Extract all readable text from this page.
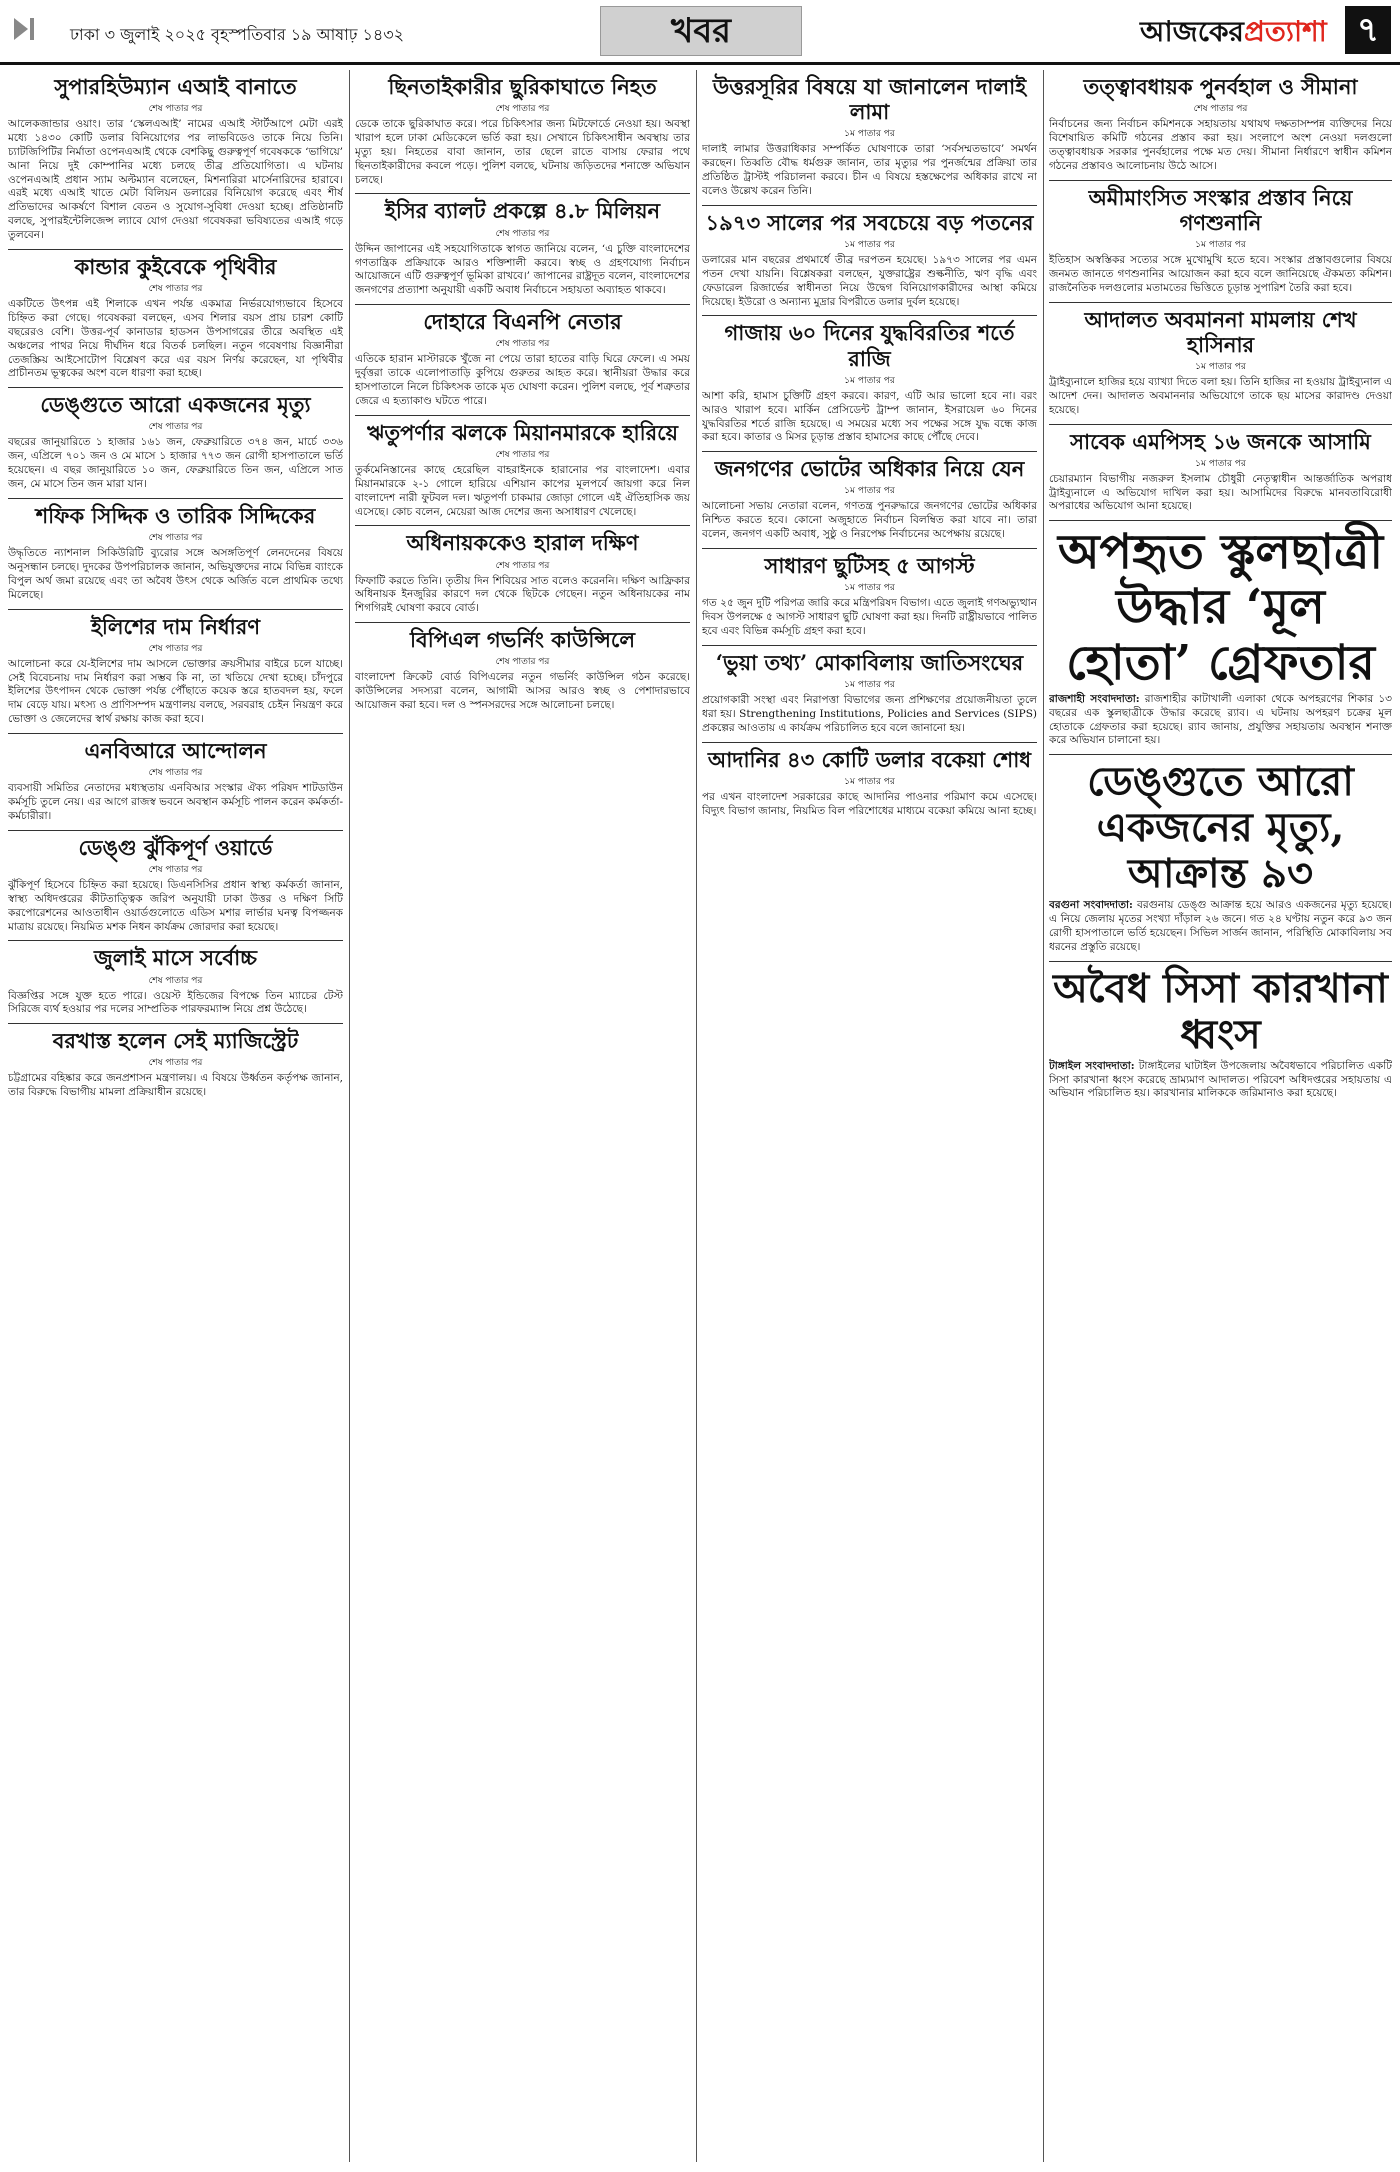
ঢাকা ৩ জুলাই ২০২৫ বৃহস্পতিবার ১৯ আষাঢ় ১৪৩২	খবর	আজকেরপ্রত্যাশা ৭
সুপারহিউম্যান এআই বানাতে
শেষ পাতার পর

আলেকজান্ডার ওয়াং। তার ‘স্কেলএআই’ নামের এআই স্টার্টআপে মেটা এরই মধ্যে ১৪৩০ কোটি ডলার বিনিয়োগের পর লাভবিডেও তাকে নিয়ে তিনি। চ্যাটজিপিটির নির্মাতা ওপেনএআই থেকে বেশকিছু গুরুত্বপূর্ণ গবেষককে ‘ভাগিয়ে’ আনা নিয়ে দুই কোম্পানির মধ্যে চলছে তীব্র প্রতিযোগিতা। এ ঘটনায় ওপেনএআই প্রধান স্যাম অল্টম্যান বলেছেন, মিশনারিরা মার্সেনারিদের হারাবে। এরই মধ্যে এআই খাতে মেটা বিলিয়ন ডলারের বিনিয়োগ করেছে এবং শীর্ষ প্রতিভাদের আকর্ষণে বিশাল বেতন ও সুযোগ-সুবিধা দেওয়া হচ্ছে। প্রতিষ্ঠানটি বলছে, সুপারইন্টেলিজেন্স ল্যাবে যোগ দেওয়া গবেষকরা ভবিষ্যতের এআই গড়ে তুলবেন।

কান্ডার কুইবেকে পৃথিবীর
শেষ পাতার পর

একটিতে উৎপন্ন এই শিলাকে এখন পর্যন্ত একমাত্র নির্ভরযোগ্যভাবে হিসেবে চিহ্নিত করা গেছে। গবেষকরা বলছেন, এসব শিলার বয়স প্রায় চারশ কোটি বছরেরও বেশি। উত্তর-পূর্ব কানাডার হাডসন উপসাগরের তীরে অবস্থিত এই অঞ্চলের পাথর নিয়ে দীর্ঘদিন ধরে বিতর্ক চলছিল। নতুন গবেষণায় বিজ্ঞানীরা তেজস্ক্রিয় আইসোটোপ বিশ্লেষণ করে এর বয়স নির্ণয় করেছেন, যা পৃথিবীর প্রাচীনতম ভূত্বকের অংশ বলে ধারণা করা হচ্ছে।

ডেঙ্গুতে আরো একজনের মৃত্যু
শেষ পাতার পর

বছরের জানুয়ারিতে ১ হাজার ১৬১ জন, ফেব্রুয়ারিতে ৩৭৪ জন, মার্চে ৩৩৬ জন, এপ্রিলে ৭০১ জন ও মে মাসে ১ হাজার ৭৭৩ জন রোগী হাসপাতালে ভর্তি হয়েছেন। এ বছর জানুয়ারিতে ১০ জন, ফেব্রুয়ারিতে তিন জন, এপ্রিলে সাত জন, মে মাসে তিন জন মারা যান।

শফিক সিদ্দিক ও তারিক সিদ্দিকের
শেষ পাতার পর

উদ্ধৃতিতে ন্যাশনাল সিকিউরিটি ব্যুরোর সঙ্গে অসঙ্গতিপূর্ণ লেনদেনের বিষয়ে অনুসন্ধান চলছে। দুদকের উপপরিচালক জানান, অভিযুক্তদের নামে বিভিন্ন ব্যাংকে বিপুল অর্থ জমা রয়েছে এবং তা অবৈধ উৎস থেকে অর্জিত বলে প্রাথমিক তথ্যে মিলেছে।

ইলিশের দাম নির্ধারণ
শেষ পাতার পর

আলোচনা করে যে-ইলিশের দাম আসলে ভোক্তার ক্রয়সীমার বাইরে চলে যাচ্ছে। সেই বিবেচনায় দাম নির্ধারণ করা সম্ভব কি না, তা খতিয়ে দেখা হচ্ছে। চাঁদপুরে ইলিশের উৎপাদন থেকে ভোক্তা পর্যন্ত পৌঁছাতে কয়েক স্তরে হাতবদল হয়, ফলে দাম বেড়ে যায়। মৎস্য ও প্রাণিসম্পদ মন্ত্রণালয় বলছে, সরবরাহ চেইন নিয়ন্ত্রণ করে ভোক্তা ও জেলেদের স্বার্থ রক্ষায় কাজ করা হবে।

এনবিআরে আন্দোলন
শেষ পাতার পর

ব্যবসায়ী সমিতির নেতাদের মধ্যস্থতায় এনবিআর সংস্কার ঐক্য পরিষদ শাটডাউন কর্মসূচি তুলে নেয়। এর আগে রাজস্ব ভবনে অবস্থান কর্মসূচি পালন করেন কর্মকর্তা-কর্মচারীরা।

ডেঙ্গু ঝুঁকিপূর্ণ ওয়ার্ডে
শেষ পাতার পর

ঝুঁকিপূর্ণ হিসেবে চিহ্নিত করা হয়েছে। ডিএনসিসির প্রধান স্বাস্থ্য কর্মকর্তা জানান, স্বাস্থ্য অধিদপ্তরের কীটতাত্ত্বিক জরিপ অনুযায়ী ঢাকা উত্তর ও দক্ষিণ সিটি করপোরেশনের আওতাধীন ওয়ার্ডগুলোতে এডিস মশার লার্ভার ঘনত্ব বিপজ্জনক মাত্রায় রয়েছে। নিয়মিত মশক নিধন কার্যক্রম জোরদার করা হয়েছে।

জুলাই মাসে সর্বোচ্চ
শেষ পাতার পর

বিজ্ঞপ্তির সঙ্গে যুক্ত হতে পারে। ওয়েস্ট ইন্ডিজের বিপক্ষে তিন ম্যাচের টেস্ট সিরিজে ব্যর্থ হওয়ার পর দলের সাম্প্রতিক পারফরম্যান্স নিয়ে প্রশ্ন উঠেছে।

বরখাস্ত হলেন সেই ম্যাজিস্ট্রেট
শেষ পাতার পর

চট্টগ্রামের বহিষ্কার করে জনপ্রশাসন মন্ত্রণালয়। এ বিষয়ে উর্ধ্বতন কর্তৃপক্ষ জানান, তার বিরুদ্ধে বিভাগীয় মামলা প্রক্রিয়াধীন রয়েছে।

ছিনতাইকারীর ছুরিকাঘাতে নিহত
শেষ পাতার পর

ডেকে তাকে ছুরিকাঘাত করে। পরে চিকিৎসার জন্য মিটফোর্ডে নেওয়া হয়। অবস্থা খারাপ হলে ঢাকা মেডিকেলে ভর্তি করা হয়। সেখানে চিকিৎসাধীন অবস্থায় তার মৃত্যু হয়। নিহতের বাবা জানান, তার ছেলে রাতে বাসায় ফেরার পথে ছিনতাইকারীদের কবলে পড়ে। পুলিশ বলছে, ঘটনায় জড়িতদের শনাক্তে অভিযান চলছে।

ইসির ব্যালট প্রকল্পে ৪.৮ মিলিয়ন
শেষ পাতার পর

উদ্দিন জাপানের এই সহযোগিতাকে স্বাগত জানিয়ে বলেন, ‘এ চুক্তি বাংলাদেশের গণতান্ত্রিক প্রক্রিয়াকে আরও শক্তিশালী করবে। স্বচ্ছ ও গ্রহণযোগ্য নির্বাচন আয়োজনে এটি গুরুত্বপূর্ণ ভূমিকা রাখবে।’ জাপানের রাষ্ট্রদূত বলেন, বাংলাদেশের জনগণের প্রত্যাশা অনুযায়ী একটি অবাধ নির্বাচনে সহায়তা অব্যাহত থাকবে।

দোহারে বিএনপি নেতার
শেষ পাতার পর

এতিকে হারান মাস্টারকে খুঁজে না পেয়ে তারা হাতের বাড়ি ঘিরে ফেলে। এ সময় দুর্বৃত্তরা তাকে এলোপাতাড়ি কুপিয়ে গুরুতর আহত করে। স্থানীয়রা উদ্ধার করে হাসপাতালে নিলে চিকিৎসক তাকে মৃত ঘোষণা করেন। পুলিশ বলছে, পূর্ব শত্রুতার জেরে এ হত্যাকাণ্ড ঘটতে পারে।

ঋতুপর্ণার ঝলকে মিয়ানমারকে হারিয়ে
শেষ পাতার পর

তুর্কমেনিস্তানের কাছে হেরেছিল বাহরাইনকে হারানোর পর বাংলাদেশ। এবার মিয়ানমারকে ২-১ গোলে হারিয়ে এশিয়ান কাপের মূলপর্বে জায়গা করে নিল বাংলাদেশ নারী ফুটবল দল। ঋতুপর্ণা চাকমার জোড়া গোলে এই ঐতিহাসিক জয় এসেছে। কোচ বলেন, মেয়েরা আজ দেশের জন্য অসাধারণ খেলেছে।

অধিনায়ককেও হারাল দক্ষিণ
শেষ পাতার পর

ফিফাটি করতে তিনি। তৃতীয় দিন শিবিয়ের সাত বলেও করেননি। দক্ষিণ আফ্রিকার অধিনায়ক ইনজুরির কারণে দল থেকে ছিটকে গেছেন। নতুন অধিনায়কের নাম শিগগিরই ঘোষণা করবে বোর্ড।

বিপিএল গভর্নিং কাউন্সিলে
শেষ পাতার পর

বাংলাদেশ ক্রিকেট বোর্ড বিপিএলের নতুন গভর্নিং কাউন্সিল গঠন করেছে। কাউন্সিলের সদস্যরা বলেন, আগামী আসর আরও স্বচ্ছ ও পেশাদারভাবে আয়োজন করা হবে। দল ও স্পনসরদের সঙ্গে আলোচনা চলছে।

উত্তরসূরির বিষয়ে যা জানালেন দালাই লামা
১ম পাতার পর

দালাই লামার উত্তরাধিকার সম্পর্কিত ঘোষণাকে তারা ‘সর্বসম্মতভাবে’ সমর্থন করছেন। তিব্বতি বৌদ্ধ ধর্মগুরু জানান, তার মৃত্যুর পর পুনর্জন্মের প্রক্রিয়া তার প্রতিষ্ঠিত ট্রাস্টই পরিচালনা করবে। চীন এ বিষয়ে হস্তক্ষেপের অধিকার রাখে না বলেও উল্লেখ করেন তিনি।

১৯৭৩ সালের পর সবচেয়ে বড় পতনের
১ম পাতার পর

ডলারের মান বছরের প্রথমার্ধে তীব্র দরপতন হয়েছে। ১৯৭৩ সালের পর এমন পতন দেখা যায়নি। বিশ্লেষকরা বলছেন, যুক্তরাষ্ট্রের শুল্কনীতি, ঋণ বৃদ্ধি এবং ফেডারেল রিজার্ভের স্বাধীনতা নিয়ে উদ্বেগ বিনিয়োগকারীদের আস্থা কমিয়ে দিয়েছে। ইউরো ও অন্যান্য মুদ্রার বিপরীতে ডলার দুর্বল হয়েছে।

গাজায় ৬০ দিনের যুদ্ধবিরতির শর্তে রাজি
১ম পাতার পর

আশা করি, হামাস চুক্তিটি গ্রহণ করবে। কারণ, এটি আর ভালো হবে না। বরং আরও খারাপ হবে। মার্কিন প্রেসিডেন্ট ট্রাম্প জানান, ইসরায়েল ৬০ দিনের যুদ্ধবিরতির শর্তে রাজি হয়েছে। এ সময়ের মধ্যে সব পক্ষের সঙ্গে যুদ্ধ বন্ধে কাজ করা হবে। কাতার ও মিসর চূড়ান্ত প্রস্তাব হামাসের কাছে পৌঁছে দেবে।

জনগণের ভোটের অধিকার নিয়ে যেন
১ম পাতার পর

আলোচনা সভায় নেতারা বলেন, গণতন্ত্র পুনরুদ্ধারে জনগণের ভোটের অধিকার নিশ্চিত করতে হবে। কোনো অজুহাতে নির্বাচন বিলম্বিত করা যাবে না। তারা বলেন, জনগণ একটি অবাধ, সুষ্ঠু ও নিরপেক্ষ নির্বাচনের অপেক্ষায় রয়েছে।

সাধারণ ছুটিসহ ৫ আগস্ট
১ম পাতার পর

গত ২৫ জুন দুটি পরিপত্র জারি করে মন্ত্রিপরিষদ বিভাগ। এতে জুলাই গণঅভ্যুত্থান দিবস উপলক্ষে ৫ আগস্ট সাধারণ ছুটি ঘোষণা করা হয়। দিনটি রাষ্ট্রীয়ভাবে পালিত হবে এবং বিভিন্ন কর্মসূচি গ্রহণ করা হবে।

‘ভুয়া তথ্য’ মোকাবিলায় জাতিসংঘের
১ম পাতার পর

প্রয়োগকারী সংস্থা এবং নিরাপত্তা বিভাগের জন্য প্রশিক্ষণের প্রয়োজনীয়তা তুলে ধরা হয়। Strengthening Institutions, Policies and Services (SIPS) প্রকল্পের আওতায় এ কার্যক্রম পরিচালিত হবে বলে জানানো হয়।

আদানির ৪৩ কোটি ডলার বকেয়া শোধ
১ম পাতার পর

পর এখন বাংলাদেশ সরকারের কাছে আদানির পাওনার পরিমাণ কমে এসেছে। বিদ্যুৎ বিভাগ জানায়, নিয়মিত বিল পরিশোধের মাধ্যমে বকেয়া কমিয়ে আনা হচ্ছে।

তত্ত্বাবধায়ক পুনর্বহাল ও সীমানা
শেষ পাতার পর

নির্বাচনের জন্য নির্বাচন কমিশনকে সহায়তায় যথাযথ দক্ষতাসম্পন্ন ব্যক্তিদের নিয়ে বিশেষায়িত কমিটি গঠনের প্রস্তাব করা হয়। সংলাপে অংশ নেওয়া দলগুলো তত্ত্বাবধায়ক সরকার পুনর্বহালের পক্ষে মত দেয়। সীমানা নির্ধারণে স্বাধীন কমিশন গঠনের প্রস্তাবও আলোচনায় উঠে আসে।

অমীমাংসিত সংস্কার প্রস্তাব নিয়ে গণশুনানি
১ম পাতার পর

ইতিহাস অস্বস্তিকর সত্যের সঙ্গে মুখোমুখি হতে হবে। সংস্কার প্রস্তাবগুলোর বিষয়ে জনমত জানতে গণশুনানির আয়োজন করা হবে বলে জানিয়েছে ঐকমত্য কমিশন। রাজনৈতিক দলগুলোর মতামতের ভিত্তিতে চূড়ান্ত সুপারিশ তৈরি করা হবে।

আদালত অবমাননা মামলায় শেখ হাসিনার
১ম পাতার পর

ট্রাইব্যুনালে হাজির হয়ে ব্যাখ্যা দিতে বলা হয়। তিনি হাজির না হওয়ায় ট্রাইব্যুনাল এ আদেশ দেন। আদালত অবমাননার অভিযোগে তাকে ছয় মাসের কারাদণ্ড দেওয়া হয়েছে।

সাবেক এমপিসহ ১৬ জনকে আসামি
১ম পাতার পর

চেয়ারম্যান বিভাগীয় নজরুল ইসলাম চৌধুরী নেতৃত্বাধীন আন্তর্জাতিক অপরাধ ট্রাইব্যুনালে এ অভিযোগ দাখিল করা হয়। আসামিদের বিরুদ্ধে মানবতাবিরোধী অপরাধের অভিযোগ আনা হয়েছে।

অপহৃত স্কুলছাত্রী উদ্ধার ‘মূল হোতা’ গ্রেফতার

রাজশাহী সংবাদদাতা: রাজশাহীর কাটাখালী এলাকা থেকে অপহরণের শিকার ১৩ বছরের এক স্কুলছাত্রীকে উদ্ধার করেছে র‍্যাব। এ ঘটনায় অপহরণ চক্রের মূল হোতাকে গ্রেফতার করা হয়েছে। র‍্যাব জানায়, প্রযুক্তির সহায়তায় অবস্থান শনাক্ত করে অভিযান চালানো হয়।

ডেঙ্গুতে আরো একজনের মৃত্যু, আক্রান্ত ৯৩

বরগুনা সংবাদদাতা: বরগুনায় ডেঙ্গু আক্রান্ত হয়ে আরও একজনের মৃত্যু হয়েছে। এ নিয়ে জেলায় মৃতের সংখ্যা দাঁড়াল ২৬ জনে। গত ২৪ ঘণ্টায় নতুন করে ৯৩ জন রোগী হাসপাতালে ভর্তি হয়েছেন। সিভিল সার্জন জানান, পরিস্থিতি মোকাবিলায় সব ধরনের প্রস্তুতি রয়েছে।

অবৈধ সিসা কারখানা ধ্বংস

টাঙ্গাইল সংবাদদাতা: টাঙ্গাইলের ঘাটাইল উপজেলায় অবৈধভাবে পরিচালিত একটি সিসা কারখানা ধ্বংস করেছে ভ্রাম্যমাণ আদালত। পরিবেশ অধিদপ্তরের সহায়তায় এ অভিযান পরিচালিত হয়। কারখানার মালিককে জরিমানাও করা হয়েছে।
